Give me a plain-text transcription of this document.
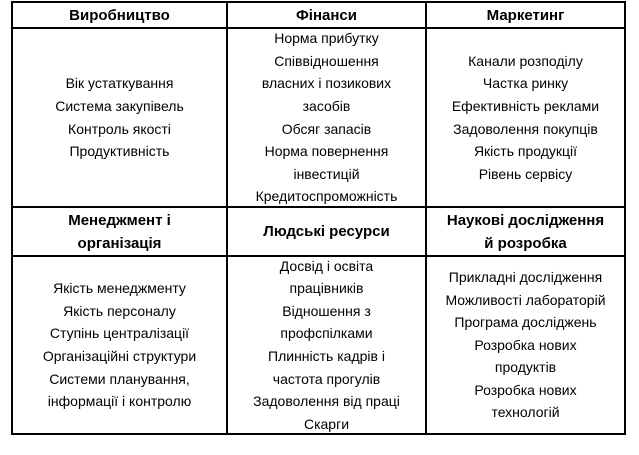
Виробництво	Фінанси	Маркетинг
Вік устаткування
Система закупівель
Контроль якості
Продуктивність
Норма прибутку
Співвідношення
власних і позикових
засобів
Обсяг запасів
Норма повернення
інвестицій
Кредитоспроможність
Канали розподілу
Частка ринку
Ефективність реклами
Задоволення покупців
Якість продукції
Рівень сервісу
Менеджмент і
організація
Людські ресурси
Наукові дослідження
й розробка
Якість менеджменту
Якість персоналу
Ступінь централізації
Організаційні структури
Системи планування,
інформації і контролю
Досвід і освіта
працівників
Відношення з
профспілками
Плинність кадрів і
частота прогулів
Задоволення від праці
Скарги
Прикладні дослідження
Можливості лабораторій
Програма досліджень
Розробка нових
продуктів
Розробка нових
технологій
